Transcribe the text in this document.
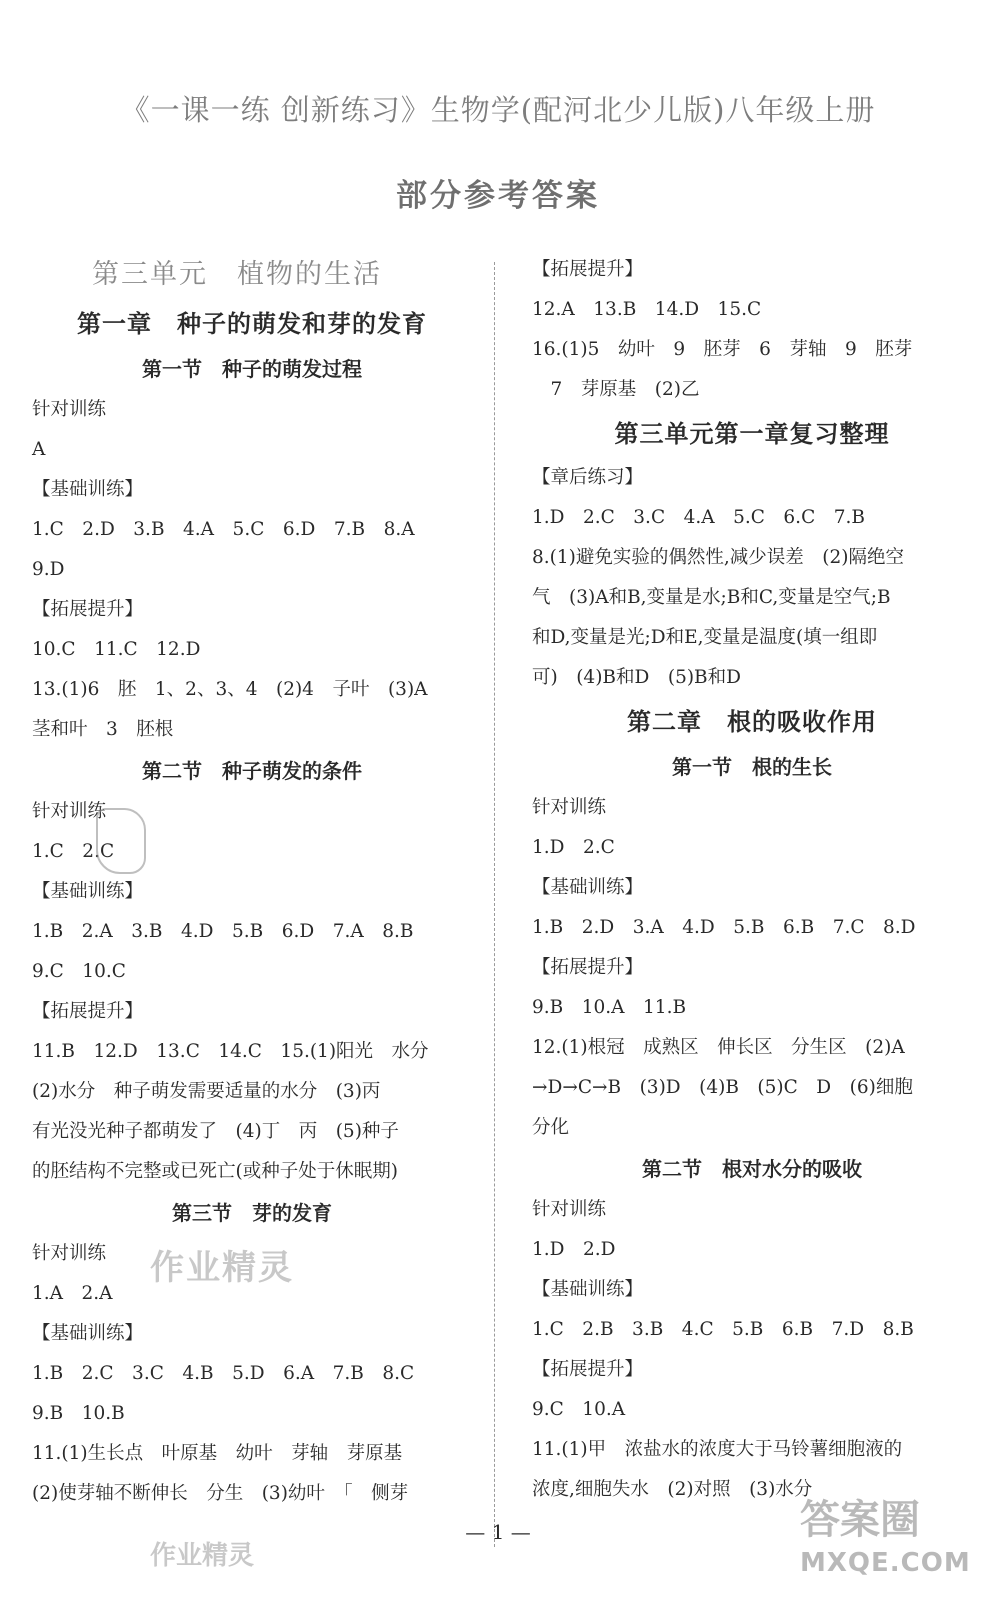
《一课一练 创新练习》生物学(配河北少儿版)八年级上册
部分参考答案
第三单元　植物的生活
第一章　种子的萌发和芽的发育
第一节　种子的萌发过程
针对训练
A
【基础训练】
1.C　2.D　3.B　4.A　5.C　6.D　7.B　8.A
9.D
【拓展提升】
10.C　11.C　12.D
13.(1)6　胚　1、2、3、4　(2)4　子叶　(3)A
茎和叶　3　胚根
第二节　种子萌发的条件
针对训练
1.C　2.C
【基础训练】
1.B　2.A　3.B　4.D　5.B　6.D　7.A　8.B
9.C　10.C
【拓展提升】
11.B　12.D　13.C　14.C　15.(1)阳光　水分
(2)水分　种子萌发需要适量的水分　(3)丙
有光没光种子都萌发了　(4)丁　丙　(5)种子
的胚结构不完整或已死亡(或种子处于休眠期)
第三节　芽的发育
针对训练
1.A　2.A
【基础训练】
1.B　2.C　3.C　4.B　5.D　6.A　7.B　8.C
9.B　10.B
11.(1)生长点　叶原基　幼叶　芽轴　芽原基
(2)使芽轴不断伸长　分生　(3)幼叶　「　侧芽
【拓展提升】
12.A　13.B　14.D　15.C
16.(1)5　幼叶　9　胚芽　6　芽轴　9　胚芽
　7　芽原基　(2)乙
第三单元第一章复习整理
【章后练习】
1.D　2.C　3.C　4.A　5.C　6.C　7.B
8.(1)避免实验的偶然性,减少误差　(2)隔绝空
气　(3)A和B,变量是水;B和C,变量是空气;B
和D,变量是光;D和E,变量是温度(填一组即
可)　(4)B和D　(5)B和D
第二章　根的吸收作用
第一节　根的生长
针对训练
1.D　2.C
【基础训练】
1.B　2.D　3.A　4.D　5.B　6.B　7.C　8.D
【拓展提升】
9.B　10.A　11.B
12.(1)根冠　成熟区　伸长区　分生区　(2)A
→D→C→B　(3)D　(4)B　(5)C　D　(6)细胞
分化
第二节　根对水分的吸收
针对训练
1.D　2.D
【基础训练】
1.C　2.B　3.B　4.C　5.B　6.B　7.D　8.B
【拓展提升】
9.C　10.A
11.(1)甲　浓盐水的浓度大于马铃薯细胞液的
浓度,细胞失水　(2)对照　(3)水分
作业精灵
作业精灵
答案圈
MXQE.COM
— 1 —
